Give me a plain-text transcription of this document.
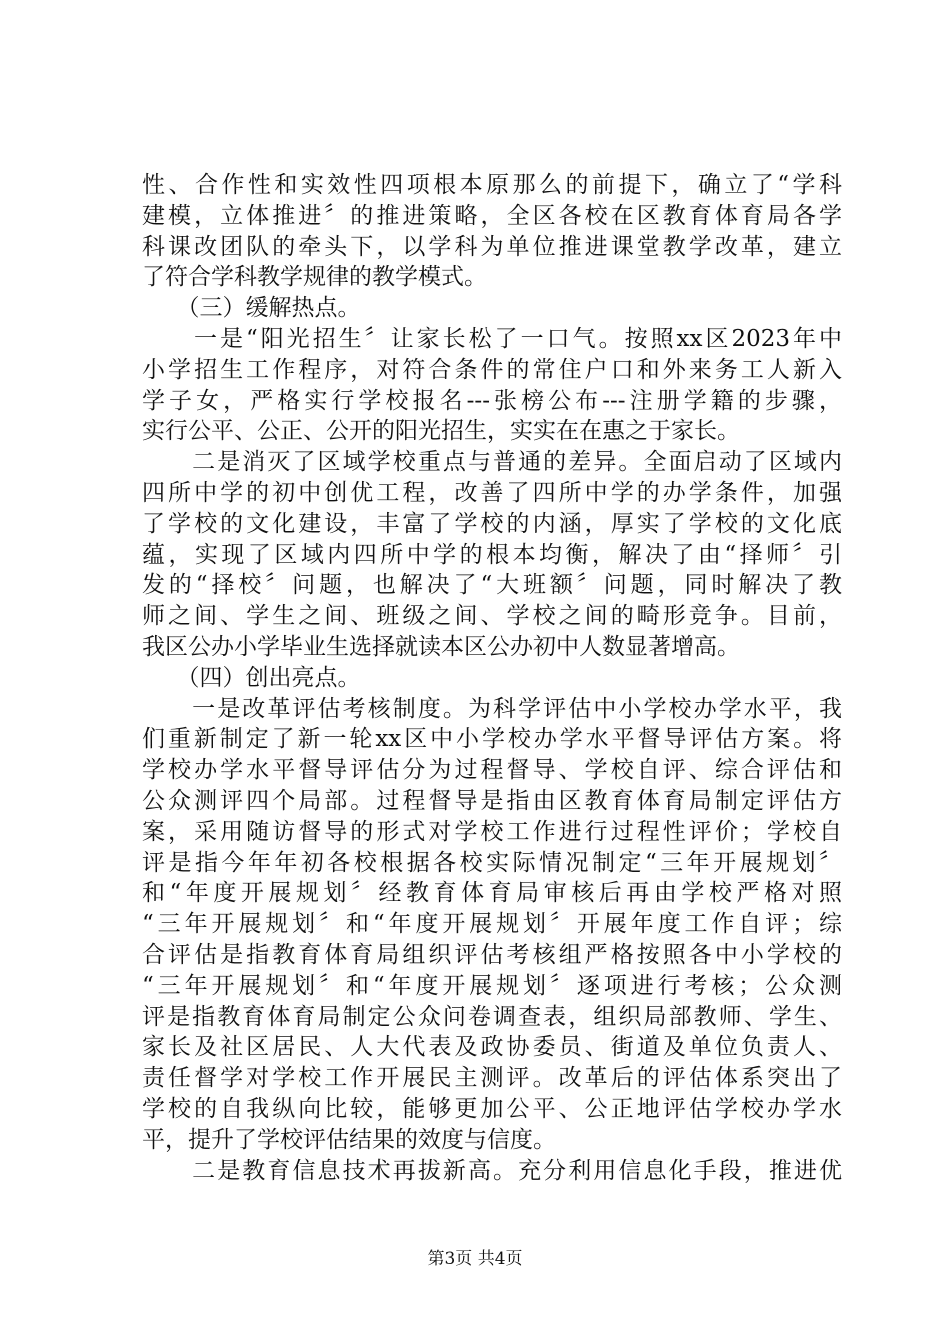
性、合作性和实效性四项根本原那么的前提下，确立了“学科
建模，立体推进〞的推进策略，全区各校在区教育体育局各学
科课改团队的牵头下，以学科为单位推进课堂教学改革，建立
了符合学科教学规律的教学模式。
　　（三）缓解热点。
　　一是“阳光招生〞让家长松了一口气。按照xx区2023年中
小学招生工作程序，对符合条件的常住户口和外来务工人新入
学子女，严格实行学校报名---张榜公布---注册学籍的步骤，
实行公平、公正、公开的阳光招生，实实在在惠之于家长。
　　二是消灭了区域学校重点与普通的差异。全面启动了区域内
四所中学的初中创优工程，改善了四所中学的办学条件，加强
了学校的文化建设，丰富了学校的内涵，厚实了学校的文化底
蕴，实现了区域内四所中学的根本均衡，解决了由“择师〞引
发的“择校〞问题，也解决了“大班额〞问题，同时解决了教
师之间、学生之间、班级之间、学校之间的畸形竞争。目前，
我区公办小学毕业生选择就读本区公办初中人数显著增高。
　　（四）创出亮点。
　　一是改革评估考核制度。为科学评估中小学校办学水平，我
们重新制定了新一轮xx区中小学校办学水平督导评估方案。将
学校办学水平督导评估分为过程督导、学校自评、综合评估和
公众测评四个局部。过程督导是指由区教育体育局制定评估方
案，采用随访督导的形式对学校工作进行过程性评价；学校自
评是指今年年初各校根据各校实际情况制定“三年开展规划〞
和“年度开展规划〞经教育体育局审核后再由学校严格对照
“三年开展规划〞和“年度开展规划〞开展年度工作自评；综
合评估是指教育体育局组织评估考核组严格按照各中小学校的
“三年开展规划〞和“年度开展规划〞逐项进行考核；公众测
评是指教育体育局制定公众问卷调查表，组织局部教师、学生、
家长及社区居民、人大代表及政协委员、街道及单位负责人、
责任督学对学校工作开展民主测评。改革后的评估体系突出了
学校的自我纵向比较，能够更加公平、公正地评估学校办学水
平，提升了学校评估结果的效度与信度。
　　二是教育信息技术再拔新高。充分利用信息化手段，推进优
第3页 共4页
